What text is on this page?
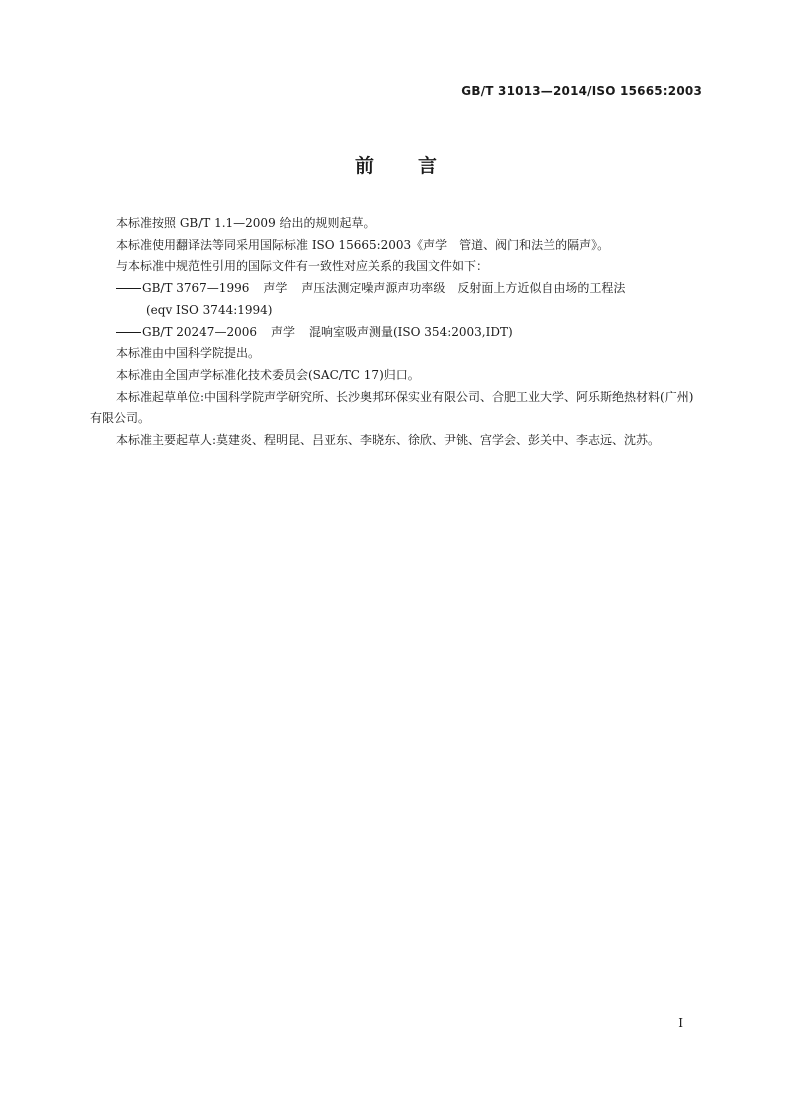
GB/T 31013—2014/ISO 15665:2003
前 言

本标准按照 GB/T 1.1—2009 给出的规则起草。

本标准使用翻译法等同采用国际标准 ISO 15665:2003《声学　管道、阀门和法兰的隔声》。

与本标准中规范性引用的国际文件有一致性对应关系的我国文件如下：

GB/T 3767—1996 声学 声压法测定噪声源声功率级　反射面上方近似自由场的工程法

(eqv ISO 3744:1994)

GB/T 20247—2006 声学 混响室吸声测量(ISO 354:2003,IDT)

本标准由中国科学院提出。

本标准由全国声学标准化技术委员会(SAC/TC 17)归口。

本标准起草单位:中国科学院声学研究所、长沙奥邦环保实业有限公司、合肥工业大学、阿乐斯绝热材料(广州)有限公司。

本标准主要起草人:莫建炎、程明昆、吕亚东、李晓东、徐欣、尹铫、宫学会、彭关中、李志远、沈苏。

I
